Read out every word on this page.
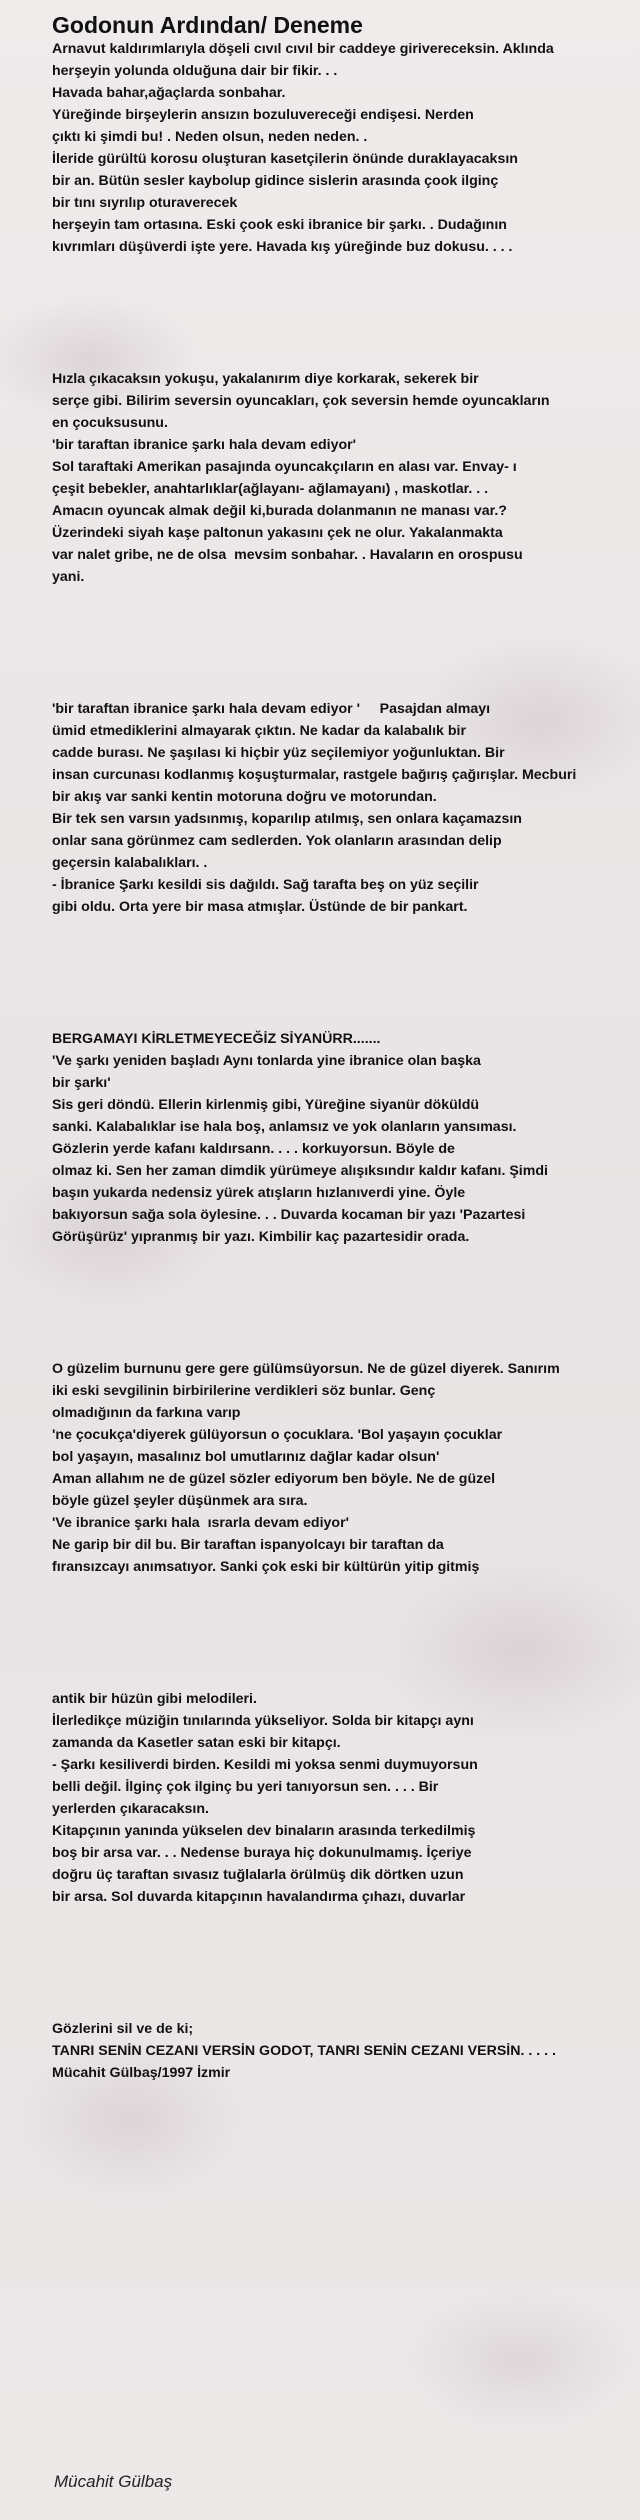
Godonun Ardından/ Deneme
Arnavut kaldırımlarıyla döşeli cıvıl cıvıl bir caddeye girivereceksin. Aklında
herşeyin yolunda olduğuna dair bir fikir. . .
Havada bahar,ağaçlarda sonbahar.
Yüreğinde birşeylerin ansızın bozuluvereceği endişesi. Nerden
çıktı ki şimdi bu! . Neden olsun, neden neden. .
İleride gürültü korosu oluşturan kasetçilerin önünde duraklayacaksın
bir an. Bütün sesler kaybolup gidince sislerin arasında çook ilginç
bir tını sıyrılıp oturaverecek
herşeyin tam ortasına. Eski çook eski ibranice bir şarkı. . Dudağının
kıvrımları düşüverdi işte yere. Havada kış yüreğinde buz dokusu. . . .
Hızla çıkacaksın yokuşu, yakalanırım diye korkarak, sekerek bir
serçe gibi. Bilirim seversin oyuncakları, çok seversin hemde oyuncakların
en çocuksusunu.
'bir taraftan ibranice şarkı hala devam ediyor'
Sol taraftaki Amerikan pasajında oyuncakçıların en alası var. Envay- ı
çeşit bebekler, anahtarlıklar(ağlayanı- ağlamayanı) , maskotlar. . .
Amacın oyuncak almak değil ki,burada dolanmanın ne manası var.?
Üzerindeki siyah kaşe paltonun yakasını çek ne olur. Yakalanmakta
var nalet gribe, ne de olsa  mevsim sonbahar. . Havaların en orospusu
yani.
'bir taraftan ibranice şarkı hala devam ediyor '     Pasajdan almayı
ümid etmediklerini almayarak çıktın. Ne kadar da kalabalık bir
cadde burası. Ne şaşılası ki hiçbir yüz seçilemiyor yoğunluktan. Bir
insan curcunası kodlanmış koşuşturmalar, rastgele bağırış çağırışlar. Mecburi
bir akış var sanki kentin motoruna doğru ve motorundan.
Bir tek sen varsın yadsınmış, koparılıp atılmış, sen onlara kaçamazsın
onlar sana görünmez cam sedlerden. Yok olanların arasından delip
geçersin kalabalıkları. .
- İbranice Şarkı kesildi sis dağıldı. Sağ tarafta beş on yüz seçilir
gibi oldu. Orta yere bir masa atmışlar. Üstünde de bir pankart.
BERGAMAYI KİRLETMEYECEĞİZ SİYANÜRR.......
'Ve şarkı yeniden başladı Aynı tonlarda yine ibranice olan başka
bir şarkı'
Sis geri döndü. Ellerin kirlenmiş gibi, Yüreğine siyanür döküldü
sanki. Kalabalıklar ise hala boş, anlamsız ve yok olanların yansıması.
Gözlerin yerde kafanı kaldırsann. . . . korkuyorsun. Böyle de
olmaz ki. Sen her zaman dimdik yürümeye alışıksındır kaldır kafanı. Şimdi
başın yukarda nedensiz yürek atışların hızlanıverdi yine. Öyle
bakıyorsun sağa sola öylesine. . . Duvarda kocaman bir yazı 'Pazartesi
Görüşürüz' yıpranmış bir yazı. Kimbilir kaç pazartesidir orada.
O güzelim burnunu gere gere gülümsüyorsun. Ne de güzel diyerek. Sanırım
iki eski sevgilinin birbirilerine verdikleri söz bunlar. Genç
olmadığının da farkına varıp
'ne çocukça'diyerek gülüyorsun o çocuklara. 'Bol yaşayın çocuklar
bol yaşayın, masalınız bol umutlarınız dağlar kadar olsun'
Aman allahım ne de güzel sözler ediyorum ben böyle. Ne de güzel
böyle güzel şeyler düşünmek ara sıra.
'Ve ibranice şarkı hala  ısrarla devam ediyor'
Ne garip bir dil bu. Bir taraftan ispanyolcayı bir taraftan da
fıransızcayı anımsatıyor. Sanki çok eski bir kültürün yitip gitmiş
antik bir hüzün gibi melodileri.
İlerledikçe müziğin tınılarında yükseliyor. Solda bir kitapçı aynı
zamanda da Kasetler satan eski bir kitapçı.
- Şarkı kesiliverdi birden. Kesildi mi yoksa senmi duymuyorsun
belli değil. İlginç çok ilginç bu yeri tanıyorsun sen. . . . Bir
yerlerden çıkaracaksın.
Kitapçının yanında yükselen dev binaların arasında terkedilmiş
boş bir arsa var. . . Nedense buraya hiç dokunulmamış. İçeriye
doğru üç taraftan sıvasız tuğlalarla örülmüş dik dörtken uzun
bir arsa. Sol duvarda kitapçının havalandırma çıhazı, duvarlar
Gözlerini sil ve de ki;
TANRI SENİN CEZANI VERSİN GODOT, TANRI SENİN CEZANI VERSİN. . . . .
Mücahit Gülbaş/1997 İzmir
Mücahit Gülbaş
